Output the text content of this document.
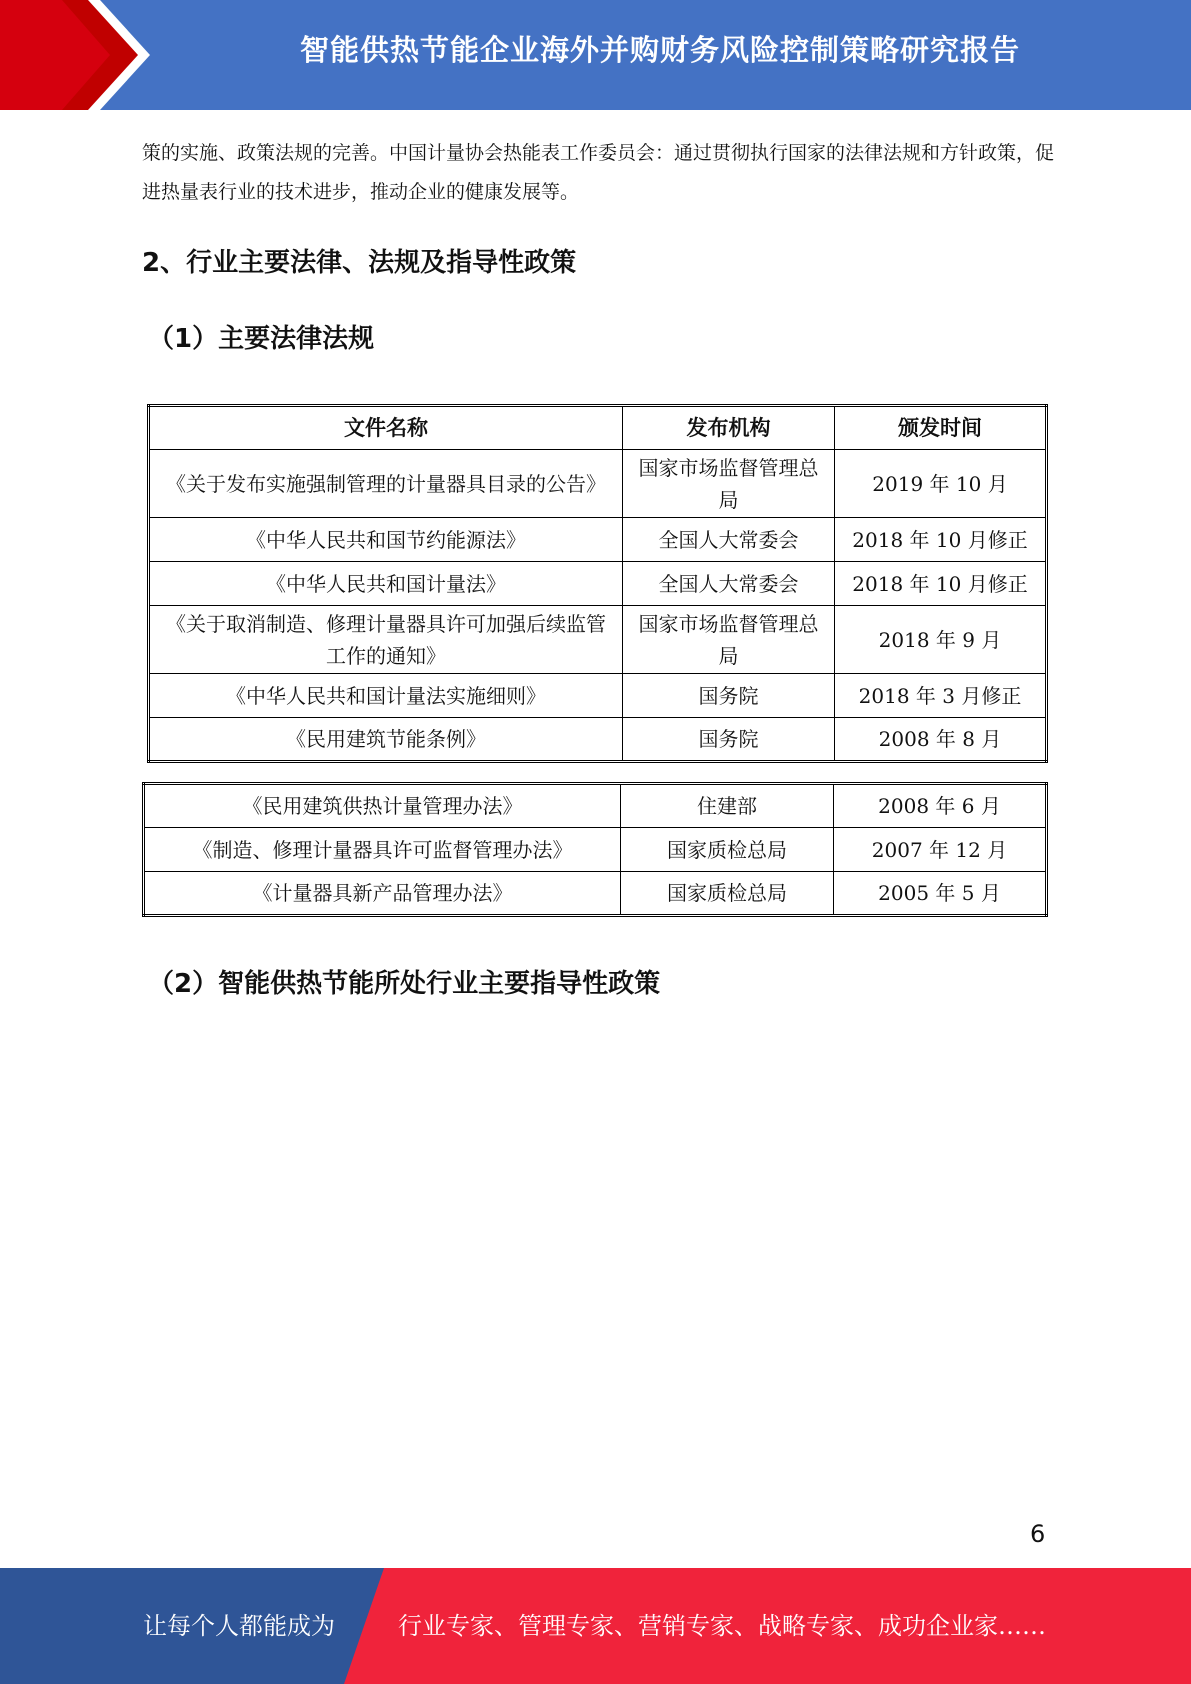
智能供热节能企业海外并购财务风险控制策略研究报告

策的实施、政策法规的完善。中国计量协会热能表工作委员会：通过贯彻执行国家的法律法规和方针政策，促进热量表行业的技术进步，推动企业的健康发展等。

2、行业主要法律、法规及指导性政策
（1）主要法律法规
文件名称	发布机构	颁发时间
《关于发布实施强制管理的计量器具目录的公告》	国家市场监督管理总局	2019 年 10 月
《中华人民共和国节约能源法》	全国人大常委会	2018 年 10 月修正
《中华人民共和国计量法》	全国人大常委会	2018 年 10 月修正
《关于取消制造、修理计量器具许可加强后续监管工作的通知》	国家市场监督管理总局	2018 年 9 月
《中华人民共和国计量法实施细则》	国务院	2018 年 3 月修正
《民用建筑节能条例》	国务院	2008 年 8 月
《民用建筑供热计量管理办法》	住建部	2008 年 6 月
《制造、修理计量器具许可监督管理办法》	国家质检总局	2007 年 12 月
《计量器具新产品管理办法》	国家质检总局	2005 年 5 月
（2）智能供热节能所处行业主要指导性政策
6
让每个人都能成为	行业专家、管理专家、营销专家、战略专家、成功企业家……
